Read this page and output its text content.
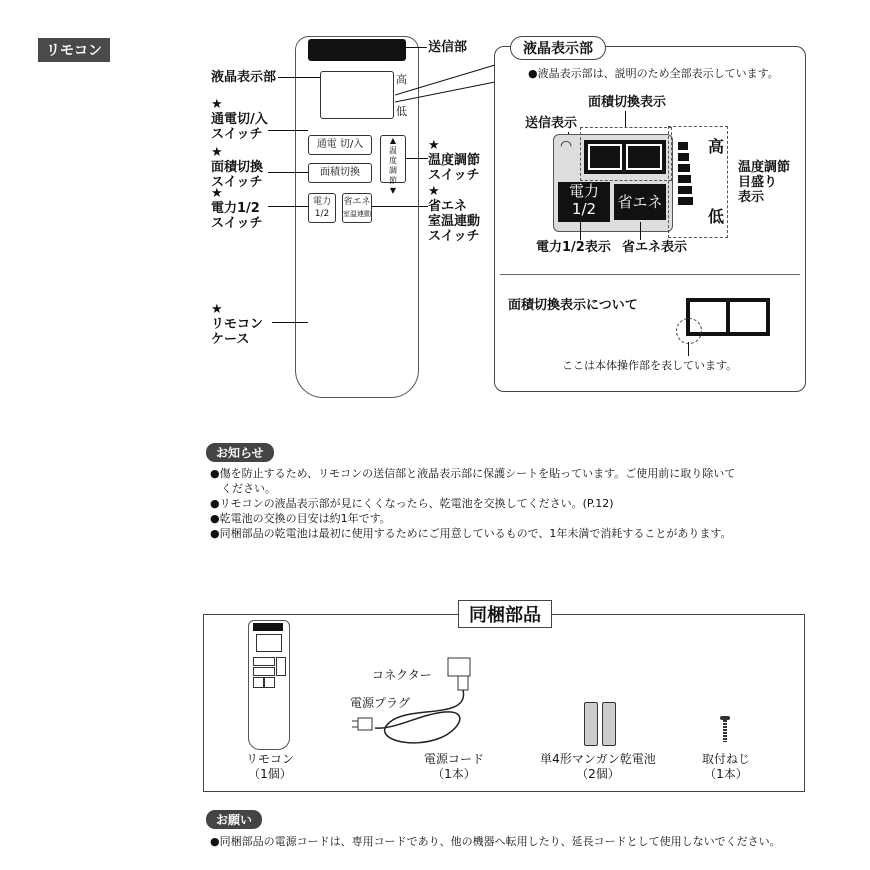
リモコン
高
低
通電 切/入
面積切換
▲
温度調節
▼
電力
1/2
省エネ
室温連動
送信部
液晶表示部
★
通電切/入
スイッチ
★
面積切換
スイッチ
★
電力1/2
スイッチ
★
温度調節
スイッチ
★
省エネ
室温連動
スイッチ
★
リモコン
ケース
液晶表示部
●液晶表示部は、説明のため全部表示しています。
面積切換表示
送信表示
◠
電力
1/2	省エネ
高
低
温度調節
目盛り
表示
電力1/2表示 省エネ表示
面積切換表示について
ここは本体操作部を表しています。
お知らせ
●傷を防止するため、リモコンの送信部と液晶表示部に保護シートを貼っています。ご使用前に取り除いて
　ください。
●リモコンの液晶表示部が見にくくなったら、乾電池を交換してください。(P.12)
●乾電池の交換の目安は約1年です。
●同梱部品の乾電池は最初に使用するためにご用意しているもので、1年未満で消耗することがあります。
同梱部品
リモコン
（1個）
コネクター
電源プラグ
電源コード
（1本）
単4形マンガン乾電池
（2個）
取付ねじ
（1本）
お願い
●同梱部品の電源コードは、専用コードであり、他の機器へ転用したり、延長コードとして使用しないでください。
